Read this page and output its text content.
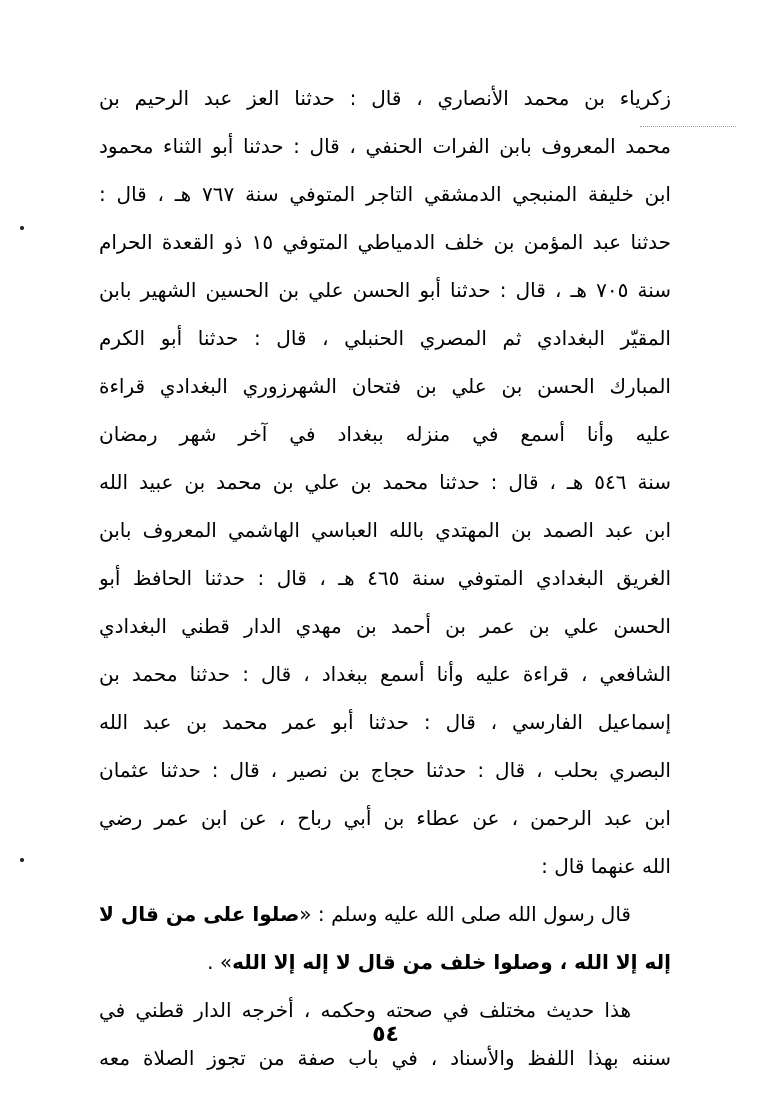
زكرياء بن محمد الأنصاري ، قال : حدثنا العز عبد الرحيم بن
محمد المعروف بابن الفرات الحنفي ، قال : حدثنا أبو الثناء محمود
ابن خليفة المنبجي الدمشقي التاجر المتوفي سنة ٧٦٧ هـ ، قال :
حدثنا عبد المؤمن بن خلف الدمياطي المتوفي ١٥ ذو القعدة الحرام
سنة ٧٠٥ هـ ، قال : حدثنا أبو الحسن علي بن الحسين الشهير بابن
المقيّر البغدادي ثم المصري الحنبلي ، قال : حدثنا أبو الكرم
المبارك الحسن بن علي بن فتحان الشهرزوري البغدادي قراءة
عليه وأنا أسمع في منزله ببغداد في آخر شهر رمضان
سنة ٥٤٦ هـ ، قال : حدثنا محمد بن علي بن محمد بن عبيد الله
ابن عبد الصمد بن المهتدي بالله العباسي الهاشمي المعروف بابن
الغريق البغدادي المتوفي سنة ٤٦٥ هـ ، قال : حدثنا الحافظ أبو
الحسن علي بن عمر بن أحمد بن مهدي الدار قطني البغدادي
الشافعي ، قراءة عليه وأنا أسمع ببغداد ، قال : حدثنا محمد بن
إسماعيل الفارسي ، قال : حدثنا أبو عمر محمد بن عبد الله
البصري بحلب ، قال : حدثنا حجاج بن نصير ، قال : حدثنا عثمان
ابن عبد الرحمن ، عن عطاء بن أبي رباح ، عن ابن عمر رضي
الله عنهما قال :
قال رسول الله صلى الله عليه وسلم : «صلوا على من قال لا
إله إلا الله ، وصلوا خلف من قال لا إله إلا الله» .
هذا حديث مختلف في صحته وحكمه ، أخرجه الدار قطني في
سننه بهذا اللفظ والأسناد ، في باب صفة من تجوز الصلاة معه
٥٤
